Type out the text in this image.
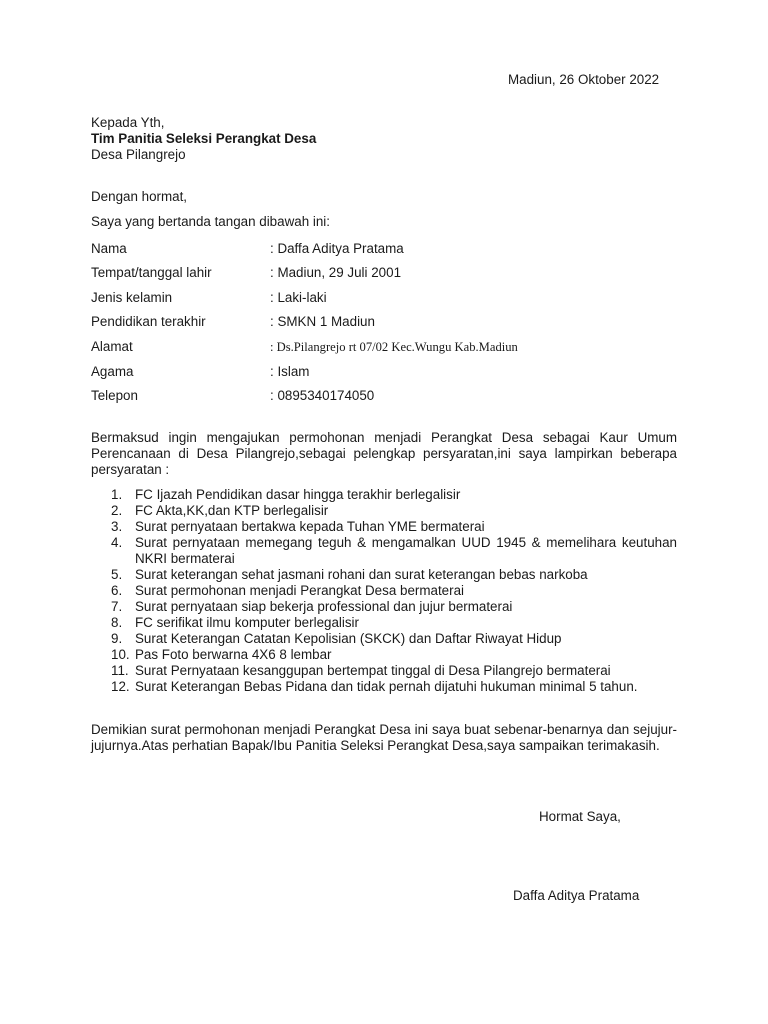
Madiun, 26 Oktober 2022
Kepada Yth,
Tim Panitia Seleksi Perangkat Desa
Desa Pilangrejo
Dengan hormat,
Saya yang bertanda tangan dibawah ini:
Nama	: Daffa Aditya Pratama
Tempat/tanggal lahir	: Madiun, 29 Juli 2001
Jenis kelamin	: Laki-laki
Pendidikan terakhir	: SMKN 1 Madiun
Alamat	: Ds.Pilangrejo rt 07/02 Kec.Wungu Kab.Madiun
Agama	: Islam
Telepon	: 0895340174050
Bermaksud ingin mengajukan permohonan menjadi Perangkat Desa sebagai Kaur Umum Perencanaan di Desa Pilangrejo,sebagai pelengkap persyaratan,ini saya lampirkan beberapa persyaratan :
1. FC Ijazah Pendidikan dasar hingga terakhir berlegalisir
2. FC Akta,KK,dan KTP berlegalisir
3. Surat pernyataan bertakwa kepada Tuhan YME bermaterai
4. Surat pernyataan memegang teguh & mengamalkan UUD 1945 & memelihara keutuhan NKRI bermaterai
5. Surat keterangan sehat jasmani rohani dan surat keterangan bebas narkoba
6. Surat permohonan menjadi Perangkat Desa bermaterai
7. Surat pernyataan siap bekerja professional dan jujur bermaterai
8. FC serifikat ilmu komputer berlegalisir
9. Surat Keterangan Catatan Kepolisian (SKCK) dan Daftar Riwayat Hidup
10. Pas Foto berwarna 4X6 8 lembar
11. Surat Pernyataan kesanggupan bertempat tinggal di Desa Pilangrejo bermaterai
12. Surat Keterangan Bebas Pidana dan tidak pernah dijatuhi hukuman minimal 5 tahun.
Demikian surat permohonan menjadi Perangkat Desa ini saya buat sebenar-benarnya dan sejujur-jujurnya.Atas perhatian Bapak/Ibu Panitia Seleksi Perangkat Desa,saya sampaikan terimakasih.
Hormat Saya,
Daffa Aditya Pratama
